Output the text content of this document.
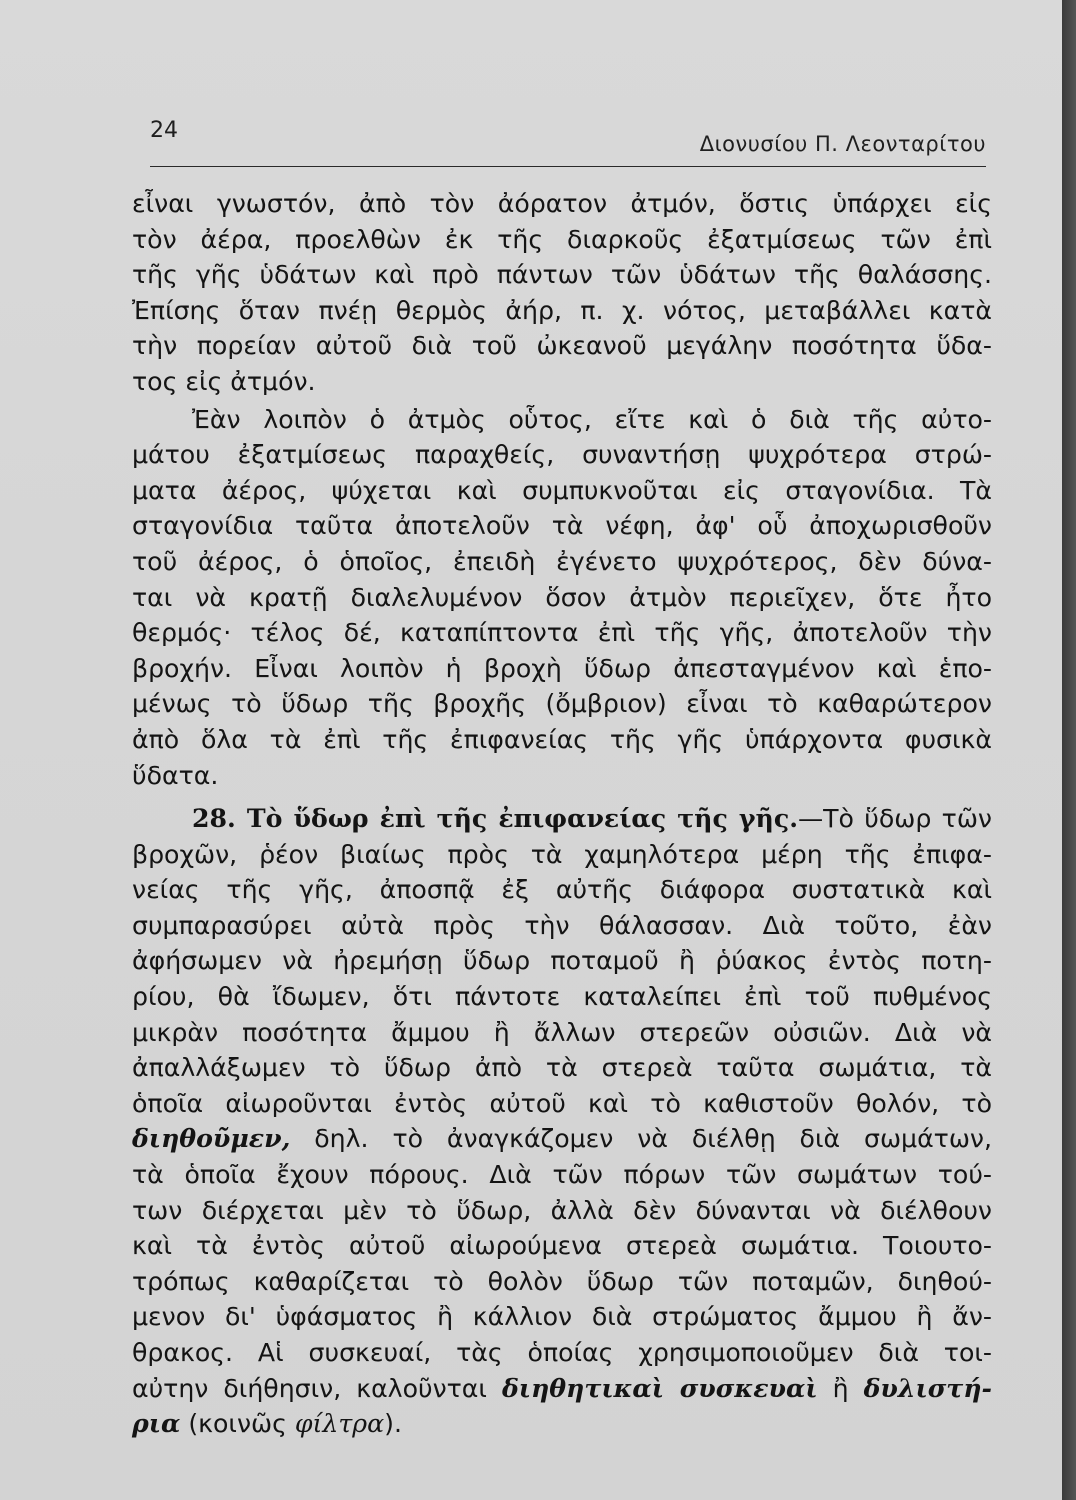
24
Διονυσίου Π. Λεονταρίτου
εἶναι γνωστόν, ἀπὸ τὸν ἀόρατον ἀτμόν, ὅστις ὑπάρχει εἰς
τὸν ἀέρα, προελθὼν ἐκ τῆς διαρκοῦς ἐξατμίσεως τῶν ἐπὶ
τῆς γῆς ὑδάτων καὶ πρὸ πάντων τῶν ὑδάτων τῆς θαλάσσης.
Ἐπίσης ὅταν πνέῃ θερμὸς ἀήρ, π. χ. νότος, μεταβάλλει κατὰ
τὴν πορείαν αὐτοῦ διὰ τοῦ ὠκεανοῦ μεγάλην ποσότητα ὕδα-
τος εἰς ἀτμόν.
Ἐὰν λοιπὸν ὁ ἀτμὸς οὗτος, εἴτε καὶ ὁ διὰ τῆς αὐτο-
μάτου ἐξατμίσεως παραχθείς, συναντήσῃ ψυχρότερα στρώ-
ματα ἀέρος, ψύχεται καὶ συμπυκνοῦται εἰς σταγονίδια. Τὰ
σταγονίδια ταῦτα ἀποτελοῦν τὰ νέφη, ἀφ' οὗ ἀποχωρισθοῦν
τοῦ ἀέρος, ὁ ὁποῖος, ἐπειδὴ ἐγένετο ψυχρότερος, δὲν δύνα-
ται νὰ κρατῇ διαλελυμένον ὅσον ἀτμὸν περιεῖχεν, ὅτε ἦτο
θερμός· τέλος δέ, καταπίπτοντα ἐπὶ τῆς γῆς, ἀποτελοῦν τὴν
βροχήν. Εἶναι λοιπὸν ἡ βροχὴ ὕδωρ ἀπεσταγμένον καὶ ἑπο-
μένως τὸ ὕδωρ τῆς βροχῆς (ὄμβριον) εἶναι τὸ καθαρώτερον
ἀπὸ ὅλα τὰ ἐπὶ τῆς ἐπιφανείας τῆς γῆς ὑπάρχοντα φυσικὰ
ὕδατα.
28. Τὸ ὕδωρ ἐπὶ τῆς ἐπιφανείας τῆς γῆς.—Τὸ ὕδωρ τῶν
βροχῶν, ῥέον βιαίως πρὸς τὰ χαμηλότερα μέρη τῆς ἐπιφα-
νείας τῆς γῆς, ἀποσπᾷ ἐξ αὐτῆς διάφορα συστατικὰ καὶ
συμπαρασύρει αὐτὰ πρὸς τὴν θάλασσαν. Διὰ τοῦτο, ἐὰν
ἀφήσωμεν νὰ ἠρεμήσῃ ὕδωρ ποταμοῦ ἢ ῥύακος ἐντὸς ποτη-
ρίου, θὰ ἴδωμεν, ὅτι πάντοτε καταλείπει ἐπὶ τοῦ πυθμένος
μικρὰν ποσότητα ἄμμου ἢ ἄλλων στερεῶν οὐσιῶν. Διὰ νὰ
ἀπαλλάξωμεν τὸ ὕδωρ ἀπὸ τὰ στερεὰ ταῦτα σωμάτια, τὰ
ὁποῖα αἰωροῦνται ἐντὸς αὐτοῦ καὶ τὸ καθιστοῦν θολόν, τὸ
διηθοῦμεν, δηλ. τὸ ἀναγκάζομεν νὰ διέλθῃ διὰ σωμάτων,
τὰ ὁποῖα ἔχουν πόρους. Διὰ τῶν πόρων τῶν σωμάτων τού-
των διέρχεται μὲν τὸ ὕδωρ, ἀλλὰ δὲν δύνανται νὰ διέλθουν
καὶ τὰ ἐντὸς αὐτοῦ αἰωρούμενα στερεὰ σωμάτια. Τοιουτο-
τρόπως καθαρίζεται τὸ θολὸν ὕδωρ τῶν ποταμῶν, διηθού-
μενον δι' ὑφάσματος ἢ κάλλιον διὰ στρώματος ἄμμου ἢ ἄν-
θρακος. Αἱ συσκευαί, τὰς ὁποίας χρησιμοποιοῦμεν διὰ τοι-
αὐτην διήθησιν, καλοῦνται διηθητικαὶ συσκευαὶ ἢ δυλιστή-
ρια (κοινῶς φίλτρα).
